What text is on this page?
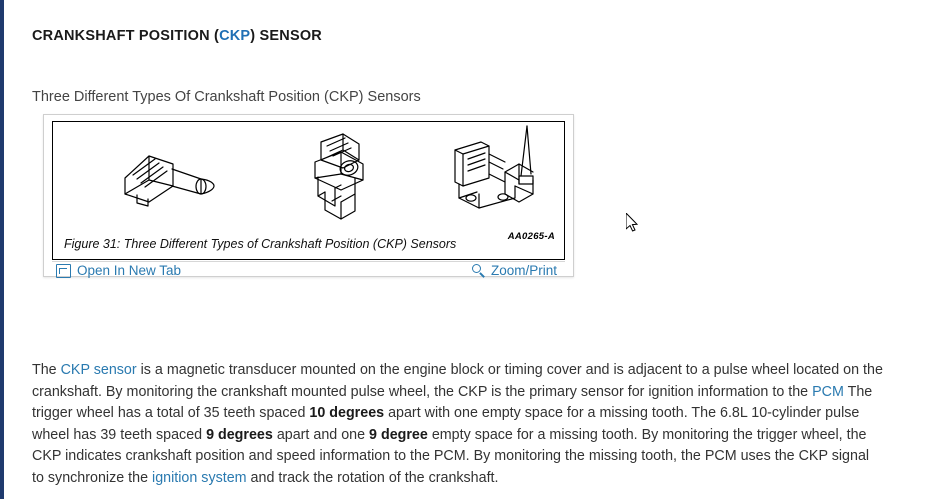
CRANKSHAFT POSITION (CKP) SENSOR
Three Different Types Of Crankshaft Position (CKP) Sensors
AA0265-A
Figure 31: Three Different Types of Crankshaft Position (CKP) Sensors
Open In New Tab	Zoom/Print
The CKP sensor is a magnetic transducer mounted on the engine block or timing cover and is adjacent to a pulse wheel located on the crankshaft. By monitoring the crankshaft mounted pulse wheel, the CKP is the primary sensor for ignition information to the PCM The trigger wheel has a total of 35 teeth spaced 10 degrees apart with one empty space for a missing tooth. The 6.8L 10-cylinder pulse wheel has 39 teeth spaced 9 degrees apart and one 9 degree empty space for a missing tooth. By monitoring the trigger wheel, the CKP indicates crankshaft position and speed information to the PCM. By monitoring the missing tooth, the PCM uses the CKP signal to synchronize the ignition system and track the rotation of the crankshaft.
